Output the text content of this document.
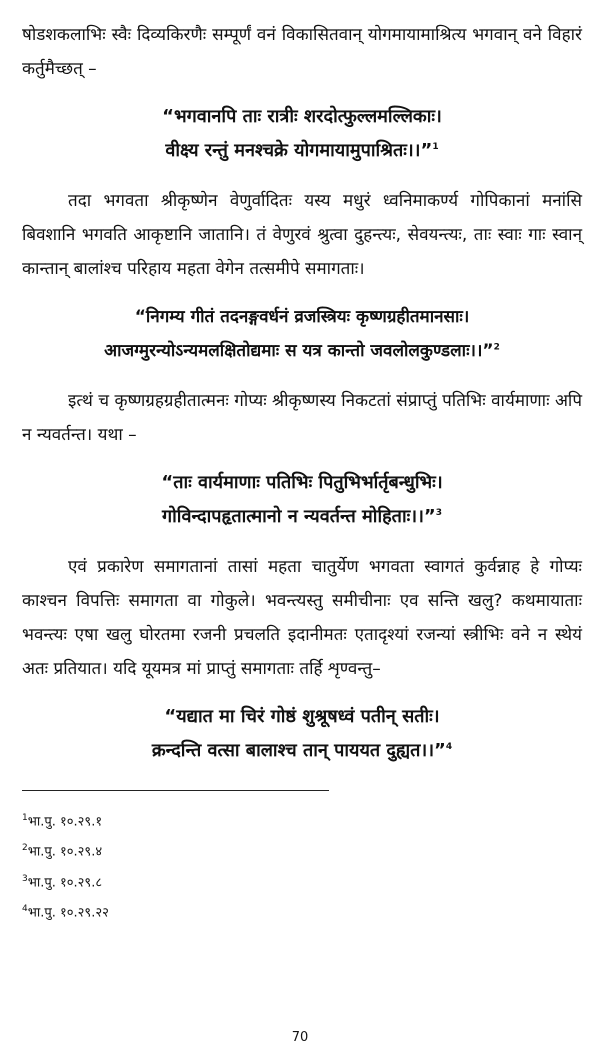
षोडशकलाभिः स्वैः दिव्यकिरणैः सम्पूर्णं वनं विकासितवान् योगमायामाश्रित्य भगवान् वने विहारं कर्तुमैच्छत् –

“भगवानपि ताः रात्रीः शरदोत्फुल्लमल्लिकाः।

वीक्ष्य रन्तुं मनश्चक्रे योगमायामुपाश्रितः।।”$^1$

तदा भगवता श्रीकृष्णेन वेणुर्वादितः यस्य मधुरं ध्वनिमाकर्ण्य गोपिकानां मनांसि बिवशानि भगवति आकृष्टानि जातानि। तं वेणुरवं श्रुत्वा दुहन्त्यः, सेवयन्त्यः, ताः स्वाः गाः स्वान् कान्तान् बालांश्च परिहाय महता वेगेन तत्समीपे समागताः।

“निगम्य गीतं तदनङ्गवर्धनं व्रजस्त्रियः कृष्णग्रहीतमानसाः।

आजग्मुरन्योऽन्यमलक्षितोद्यमाः स यत्र कान्तो जवलोलकुण्डलाः।।”$^2$

इत्थं च कृष्णग्रहग्रहीतात्मनः गोप्यः श्रीकृष्णस्य निकटतां संप्राप्तुं पतिभिः वार्यमाणाः अपि न न्यवर्तन्त। यथा –

“ताः वार्यमाणाः पतिभिः पितुभिर्भार्तृबन्धुभिः।

गोविन्दापहृतात्मानो न न्यवर्तन्त मोहिताः।।”$^3$

एवं प्रकारेण समागतानां तासां महता चातुर्येण भगवता स्वागतं कुर्वन्नाह हे गोप्यः काश्चन विपत्तिः समागता वा गोकुले। भवन्त्यस्तु समीचीनाः एव सन्ति खलु? कथमायाताः भवन्त्यः एषा खलु घोरतमा रजनी प्रचलति इदानीमतः एतादृश्यां रजन्यां स्त्रीभिः वने न स्थेयं अतः प्रतियात। यदि यूयमत्र मां प्राप्तुं समागताः तर्हि शृण्वन्तु–

“यद्यात मा चिरं गोष्ठं शुश्रूषध्वं पतीन् सतीः।

क्रन्दन्ति वत्सा बालाश्च तान् पाययत दुह्यत।।”$^4$

$^1$भा.पु. १०.२९.१

$^2$भा.पु. १०.२९.४

$^3$भा.पु. १०.२९.८

$^4$भा.पु. १०.२९.२२

70
